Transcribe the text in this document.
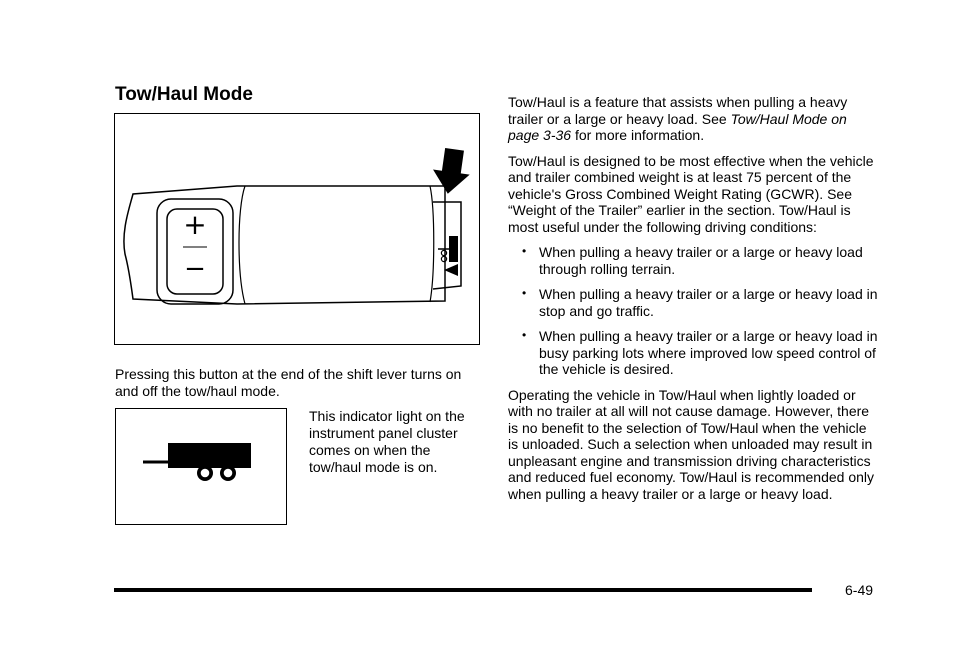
Tow/Haul Mode
+
−

Pressing this button at the end of the shift lever turns on and off the tow/haul mode.

This indicator light on the instrument panel cluster comes on when the tow/haul mode is on.

Tow/Haul is a feature that assists when pulling a heavy trailer or a large or heavy load. See Tow/Haul Mode on page 3-36 for more information.

Tow/Haul is designed to be most effective when the vehicle and trailer combined weight is at least 75 percent of the vehicle's Gross Combined Weight Rating (GCWR). See “Weight of the Trailer” earlier in the section. Tow/Haul is most useful under the following driving conditions:

• When pulling a heavy trailer or a large or heavy load through rolling terrain.
• When pulling a heavy trailer or a large or heavy load in stop and go traffic.
• When pulling a heavy trailer or a large or heavy load in busy parking lots where improved low speed control of the vehicle is desired.

Operating the vehicle in Tow/Haul when lightly loaded or with no trailer at all will not cause damage. However, there is no benefit to the selection of Tow/Haul when the vehicle is unloaded. Such a selection when unloaded may result in unpleasant engine and transmission driving characteristics and reduced fuel economy. Tow/Haul is recommended only when pulling a heavy trailer or a large or heavy load.

6-49
